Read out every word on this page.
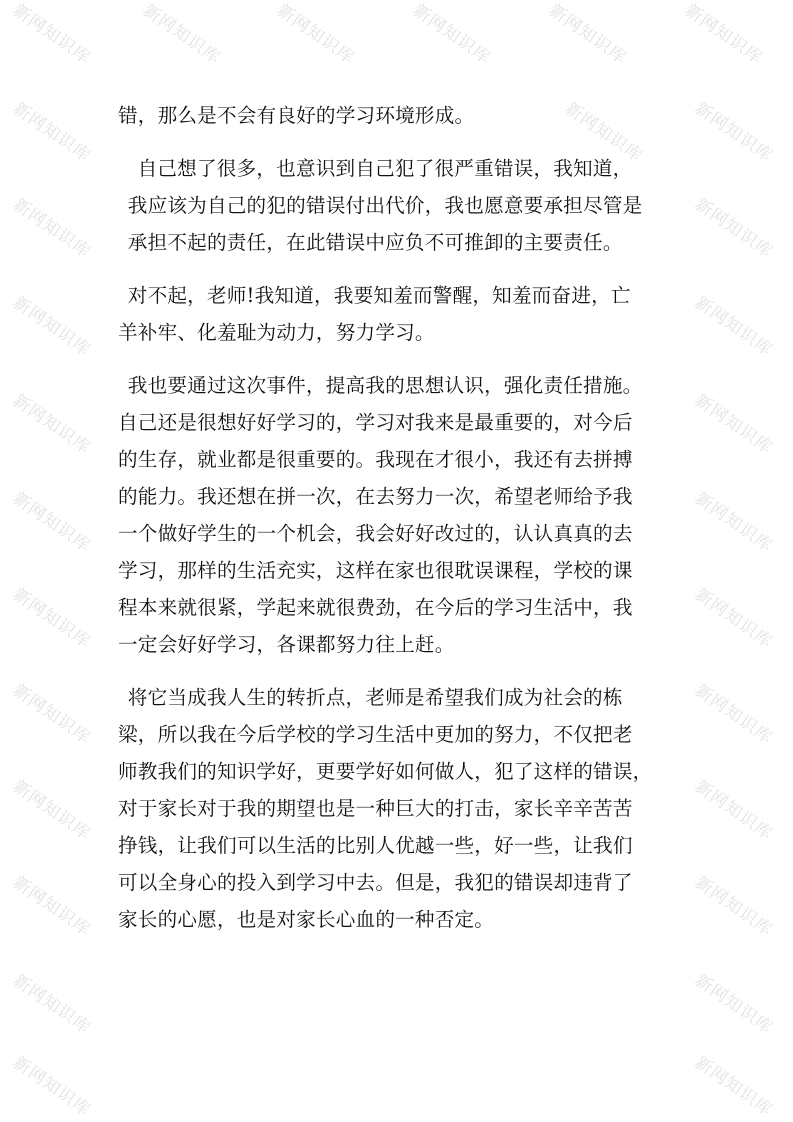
新网知识库	新网知识库	新网知识库	新网知识库	新网知识库	新网知识库
新网知识库	新网知识库	新网知识库
新网知识库	新网知识库
新网知识库	新网知识库
新网知识库	新网知识库
新网知识库	新网知识库
新网知识库	新网知识库
新网知识库	新网知识库
新网知识库	新网知识库
新网知识库	新网知识库
新网知识库	新网知识库
新网知识库	新网知识库

错，那么是不会有良好的学习环境形成。

自己想了很多，也意识到自己犯了很严重错误，我知道，
我应该为自己的犯的错误付出代价，我也愿意要承担尽管是
承担不起的责任，在此错误中应负不可推卸的主要责任。

对不起，老师!我知道，我要知羞而警醒，知羞而奋进，亡
羊补牢、化羞耻为动力，努力学习。

我也要通过这次事件，提高我的思想认识，强化责任措施。
自己还是很想好好学习的，学习对我来是最重要的，对今后
的生存，就业都是很重要的。我现在才很小，我还有去拼搏
的能力。我还想在拼一次，在去努力一次，希望老师给予我
一个做好学生的一个机会，我会好好改过的，认认真真的去
学习，那样的生活充实，这样在家也很耽误课程，学校的课
程本来就很紧，学起来就很费劲，在今后的学习生活中，我
一定会好好学习，各课都努力往上赶。

将它当成我人生的转折点，老师是希望我们成为社会的栋
梁，所以我在今后学校的学习生活中更加的努力，不仅把老
师教我们的知识学好，更要学好如何做人，犯了这样的错误，
对于家长对于我的期望也是一种巨大的打击，家长辛辛苦苦
挣钱，让我们可以生活的比别人优越一些，好一些，让我们
可以全身心的投入到学习中去。但是，我犯的错误却违背了
家长的心愿，也是对家长心血的一种否定。
